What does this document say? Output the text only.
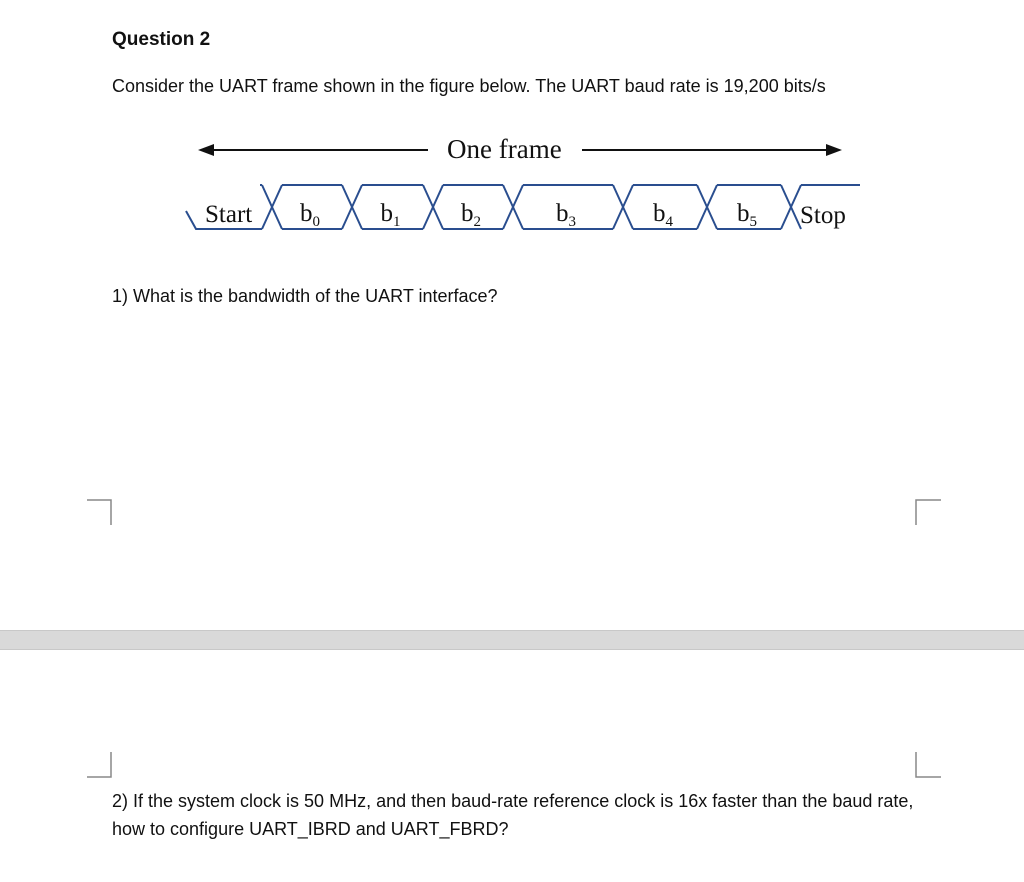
Question 2
Consider the UART frame shown in the figure below. The UART baud rate is 19,200 bits/s
One frame
Start $b_0$ $b_1$ $b_2$	$b_3$	$b_4$	$b_5$ Stop
1) What is the bandwidth of the UART interface?
2) If the system clock is 50 MHz, and then baud-rate reference clock is 16x faster than the baud rate, how to configure UART_IBRD and UART_FBRD?
